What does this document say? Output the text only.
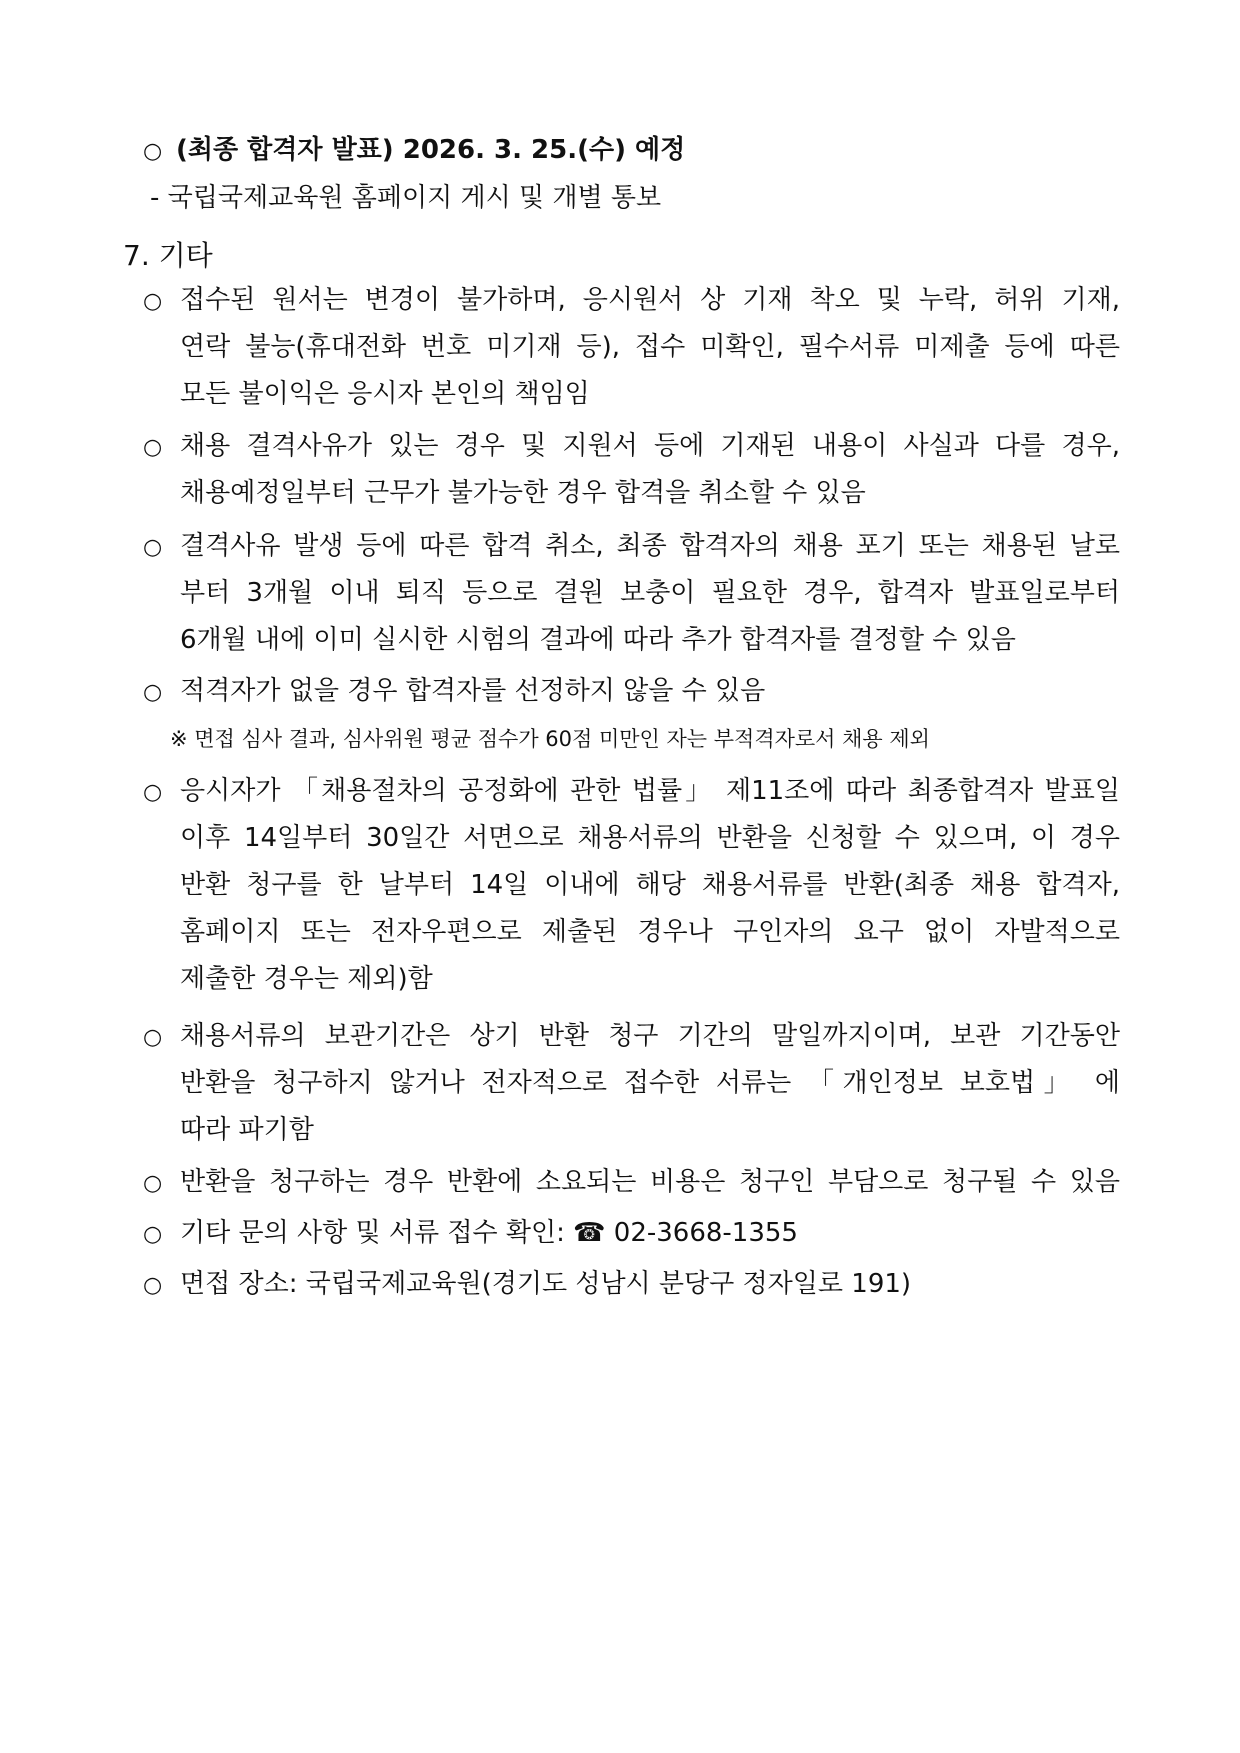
○ (최종 합격자 발표) 2026. 3. 25.(수) 예정
- 국립국제교육원 홈페이지 게시 및 개별 통보
7. 기타
○ 접수된 원서는 변경이 불가하며, 응시원서 상 기재 착오 및 누락, 허위 기재,
연락 불능(휴대전화 번호 미기재 등), 접수 미확인, 필수서류 미제출 등에 따른
모든 불이익은 응시자 본인의 책임임
○ 채용 결격사유가 있는 경우 및 지원서 등에 기재된 내용이 사실과 다를 경우,
채용예정일부터 근무가 불가능한 경우 합격을 취소할 수 있음
○ 결격사유 발생 등에 따른 합격 취소, 최종 합격자의 채용 포기 또는 채용된 날로
부터 3개월 이내 퇴직 등으로 결원 보충이 필요한 경우, 합격자 발표일로부터
6개월 내에 이미 실시한 시험의 결과에 따라 추가 합격자를 결정할 수 있음
○ 적격자가 없을 경우 합격자를 선정하지 않을 수 있음
※ 면접 심사 결과, 심사위원 평균 점수가 60점 미만인 자는 부적격자로서 채용 제외
○ 응시자가 「채용절차의 공정화에 관한 법률」 제11조에 따라 최종합격자 발표일
이후 14일부터 30일간 서면으로 채용서류의 반환을 신청할 수 있으며, 이 경우
반환 청구를 한 날부터 14일 이내에 해당 채용서류를 반환(최종 채용 합격자,
홈페이지 또는 전자우편으로 제출된 경우나 구인자의 요구 없이 자발적으로
제출한 경우는 제외)함
○ 채용서류의 보관기간은 상기 반환 청구 기간의 말일까지이며, 보관 기간동안
반환을 청구하지 않거나 전자적으로 접수한 서류는 「개인정보 보호법」 에
따라 파기함
○ 반환을 청구하는 경우 반환에 소요되는 비용은 청구인 부담으로 청구될 수 있음
○ 기타 문의 사항 및 서류 접수 확인: ☎ 02-3668-1355
○ 면접 장소: 국립국제교육원(경기도 성남시 분당구 정자일로 191)
